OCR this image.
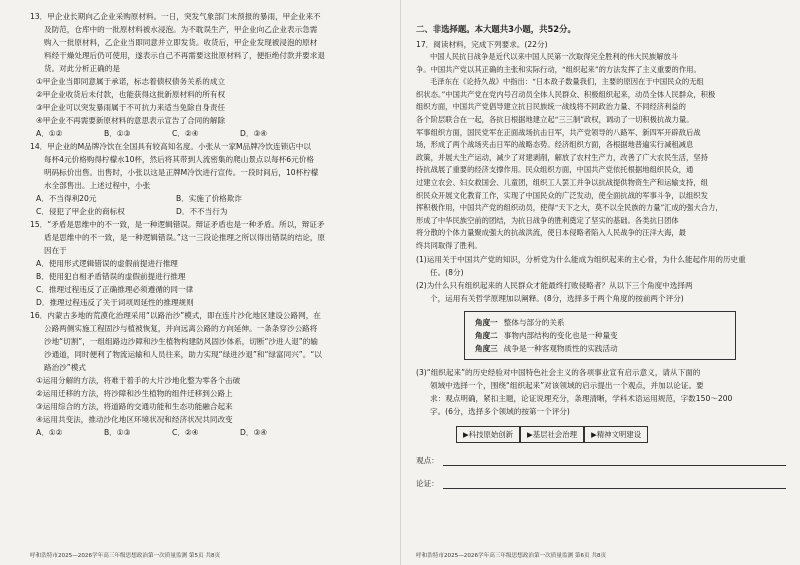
13．甲企业长期向乙企业采购原材料。一日，突发气象部门未预报的暴雨，甲企业来不
及防范，仓库中的一批原材料被水浸泡。为不耽误生产，甲企业向乙企业表示急需
购入一批原材料，乙企业当即同意并立即发货。收货后，甲企业发现被浸泡的原材
料经干燥处理后仍可使用，遂表示自己不再需要这批原材料了，便拒绝付款并要求退
货。对此分析正确的是
①甲企业当即同意属于承诺，标志着债权债务关系的成立
②甲企业收货后未付款，也能获得这批新原材料的所有权
③甲企业可以突发暴雨属于不可抗力来适当免除自身责任
④甲企业不再需要新原材料的意思表示宣告了合同的解除
A．①②	B．①③	C．②④	D．③④
14．甲企业的M品牌冷饮在全国具有较高知名度。小张从一家M品牌冷饮连锁店中以
每杯4元价格购得柠檬水10杯，然后将其带到人流密集的爬山景点以每杯6元价格
明码标价出售。出售时，小张以这是正牌M冷饮进行宣传。一段时间后，10杯柠檬
水全部售出。上述过程中，小张
A．不当得利20元	B．实施了价格欺诈
C．侵犯了甲企业的商标权	D．不不当行为
15．“矛盾是思维中的不一致，是一种逻辑错误。辩证矛盾也是一种矛盾。所以，辩证矛
盾是思维中的不一致，是一种逻辑错误。”这一三段论推理之所以得出错误的结论，原
因在于
A．使用形式逻辑错误的虚假前提进行推理
B．使用犯自相矛盾错误的虚假前提进行推理
C．推理过程违反了正确推理必须遵循的同一律
D．推理过程违反了关于词项周延性的推理规则
16．内蒙古多地的荒漠化治理采用“以路治沙”模式，即在连片沙化地区建设公路网，在
公路两侧实施工程固沙与植被恢复，并向远离公路的方向延伸。一条条穿沙公路将
沙地“切割”，一组组路边沙障和沙生植物构建防风固沙体系，切断“沙进人退”的输
沙通道，同时便利了物流运输和人员往来，助力实现“绿进沙退”和“绿富同兴”。“以
路治沙”模式
①运用分解的方法，将难于着手的大片沙地化整为零各个击破
②运用迁移的方法，将沙障和沙生植物的组件迁移到公路上
③运用综合的方法，将道路的交通功能和生态功能融合起来
④运用共变法，推动沙化地区环境状况和经济状况共同改变
A．①②	B．①③	C．②④	D．③④
呼和浩特市2025—2026学年高三年级思想政治第一次质量监测 第5页 共8页
二、非选择题。本大题共3小题，共52分。
17．阅读材料，完成下列要求。(22分)
中国人民抗日战争是近代以来中国人民第一次取得完全胜利的伟大民族解放斗
争。中国共产党以其正确的主张和实际行动，“组织起来”的方法发挥了主义重要的作用。
毛泽东在《论持久战》中指出：“日本敌子数量我们，主要的原因在于中国民众的无组
织状态。”中国共产党在党内号召动员全体人民群众、积极组织起来，动员全体人民群众，积极
组织方面，中国共产党倡导建立抗日民族统一战线将不同政治力量、不同经济利益的
各个阶层联合在一起，各抗日根据地建立起“三三制”政权，调动了一切积极抗战力量。
军事组织方面，国民党军在正面战场抗击日军，共产党领导的八路军、新四军开辟敌后战
场，形成了两个战场夹击日军的战略态势。经济组织方面，各根据地普遍实行减租减息
政策，并展大生产运动，减少了对建剥削，解放了农村生产力，改善了广大农民生活，坚持
持抗战展了重要的经济支撑作用。民众组织方面，中国共产党依托根据地组织民众，通
过建立农会、妇女救国会、儿童团，组织工人罢工并争以抗战提供物资生产和运输支持，组
织民众开展文化教育工作，实现了中国民众的广泛发动，使全面抗战的军事斗争，以组织发
挥积极作用，中国共产党的组织动员，使得“天下之大，莫不以全民族的力量”汇成的强大合力，
形成了中华民族空前的团结，为抗日战争的胜利奠定了坚实的基础。各类抗日团体
将分散的个体力量聚成强大的抗战洪流，使日本侵略者陷入人民战争的汪洋大海，最
终共同取得了胜利。
(1)运用关于中国共产党的知识，分析党为什么能成为组织起来的主心骨，为什么能起作用的历史重
任。(8分)
(2)为什么只有组织起来的人民群众才能最终打败侵略者？从以下三个角度中选择两
个，运用有关哲学原理加以阐释。(8分，选择多于两个角度的按前两个评分)
角度一 整体与部分的关系
角度二 事物内部结构的变化也是一种量变
角度三 战争是一种客观物质性的实践活动
(3)“组织起来”的历史经验对中国特色社会主义的各项事业宣有启示意义，请从下面的
领域中选择一个，围绕“组织起来”对该领域的启示提出一个观点，并加以论证。要
求：观点明确，紧扣主题，论证说理充分，条理清晰，学科术语运用规范，字数150～200
字。(6分，选择多个领域的按第一个评分)
▶科技原始创新	▶基层社会治理	▶精神文明建设
观点：
论证：
呼和浩特市2025—2026学年高三年级思想政治第一次质量监测 第6页 共8页
